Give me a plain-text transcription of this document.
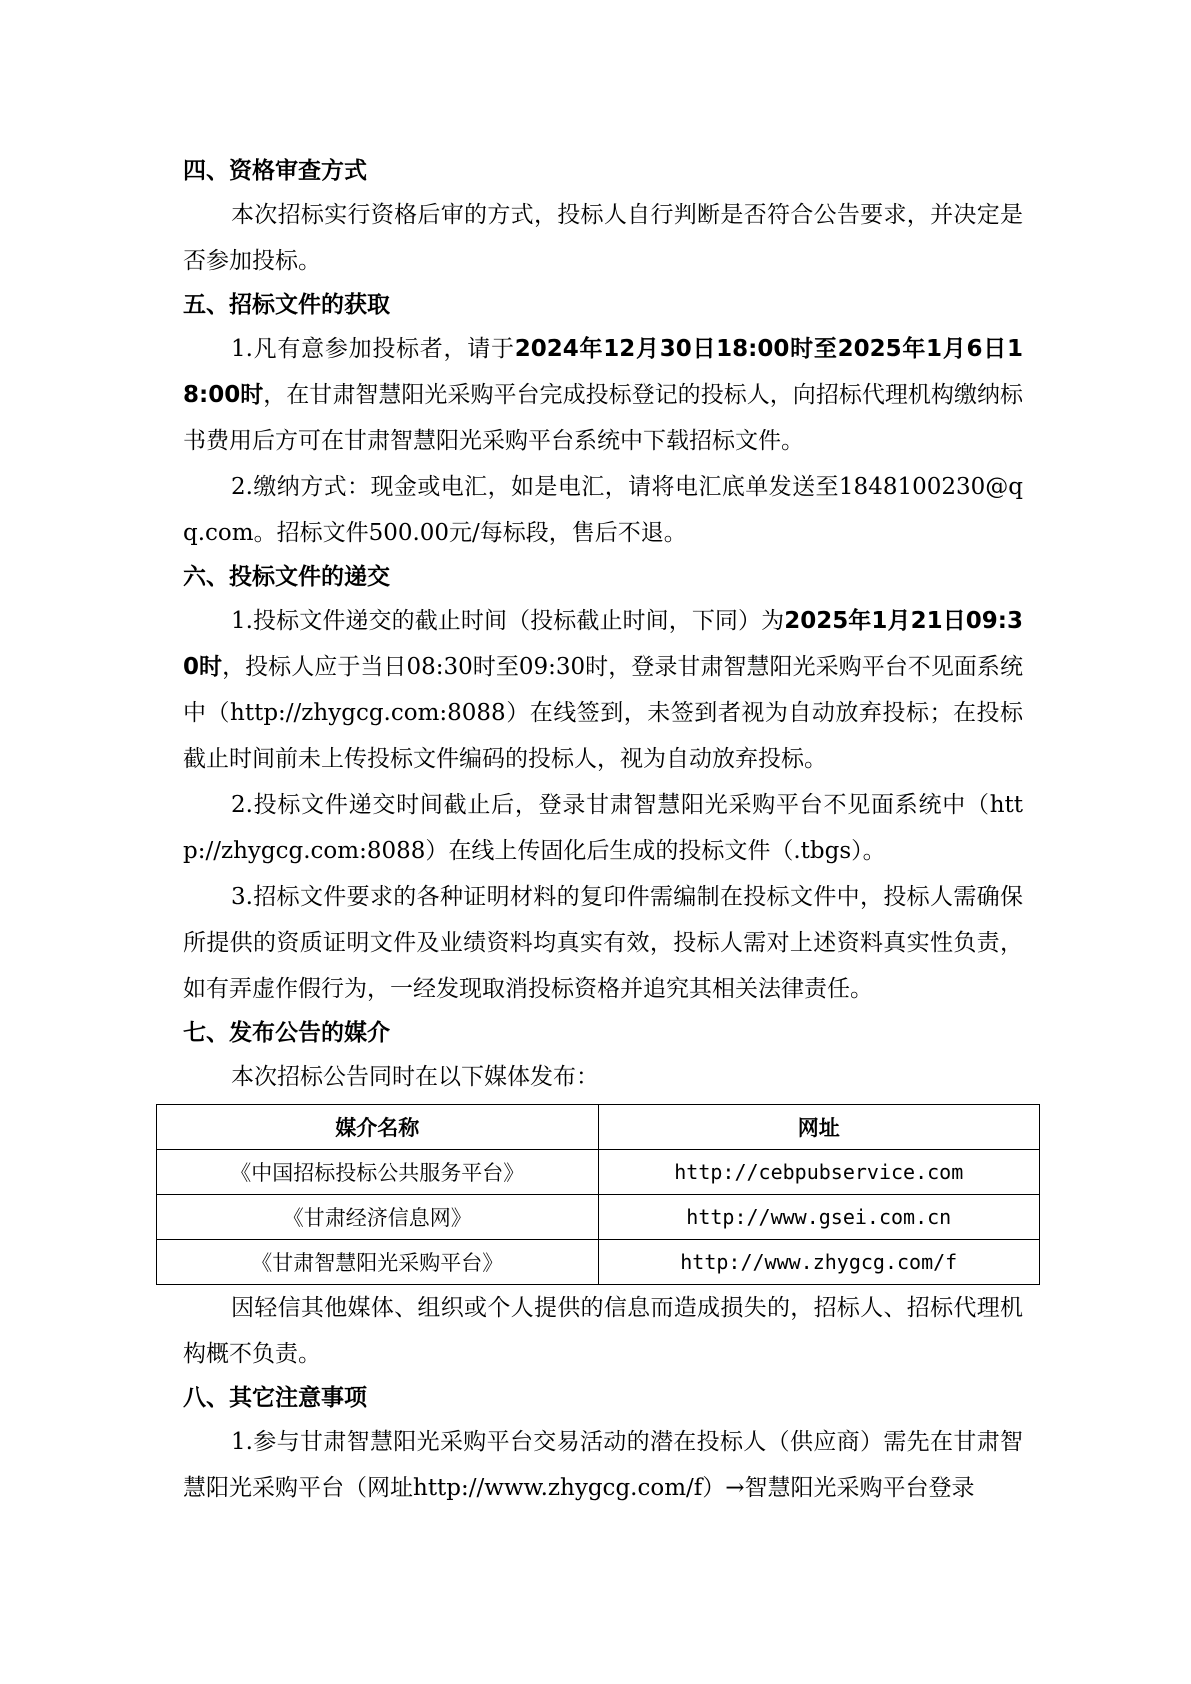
四、资格审查方式

本次招标实行资格后审的方式，投标人自行判断是否符合公告要求，并决定是否参加投标。

五、招标文件的获取

1.凡有意参加投标者，请于2024年12月30日18:00时至2025年1月6日18:00时，在甘肃智慧阳光采购平台完成投标登记的投标人，向招标代理机构缴纳标书费用后方可在甘肃智慧阳光采购平台系统中下载招标文件。

2.缴纳方式：现金或电汇，如是电汇，请将电汇底单发送至1848100230@qq.com。招标文件500.00元/每标段，售后不退。

六、投标文件的递交

1.投标文件递交的截止时间（投标截止时间，下同）为2025年1月21日09:30时，投标人应于当日08:30时至09:30时，登录甘肃智慧阳光采购平台不见面系统中（http://zhygcg.com:8088）在线签到，未签到者视为自动放弃投标；在投标截止时间前未上传投标文件编码的投标人，视为自动放弃投标。

2.投标文件递交时间截止后，登录甘肃智慧阳光采购平台不见面系统中（http://zhygcg.com:8088）在线上传固化后生成的投标文件（.tbgs）。

3.招标文件要求的各种证明材料的复印件需编制在投标文件中，投标人需确保所提供的资质证明文件及业绩资料均真实有效，投标人需对上述资料真实性负责，如有弄虚作假行为，一经发现取消投标资格并追究其相关法律责任。

七、发布公告的媒介

本次招标公告同时在以下媒体发布：

媒介名称	网址
《中国招标投标公共服务平台》	http://cebpubservice.com
《甘肃经济信息网》	http://www.gsei.com.cn
《甘肃智慧阳光采购平台》	http://www.zhygcg.com/f

因轻信其他媒体、组织或个人提供的信息而造成损失的，招标人、招标代理机构概不负责。

八、其它注意事项

1.参与甘肃智慧阳光采购平台交易活动的潜在投标人（供应商）需先在甘肃智慧阳光采购平台（网址http://www.zhygcg.com/f）→智慧阳光采购平台登录
